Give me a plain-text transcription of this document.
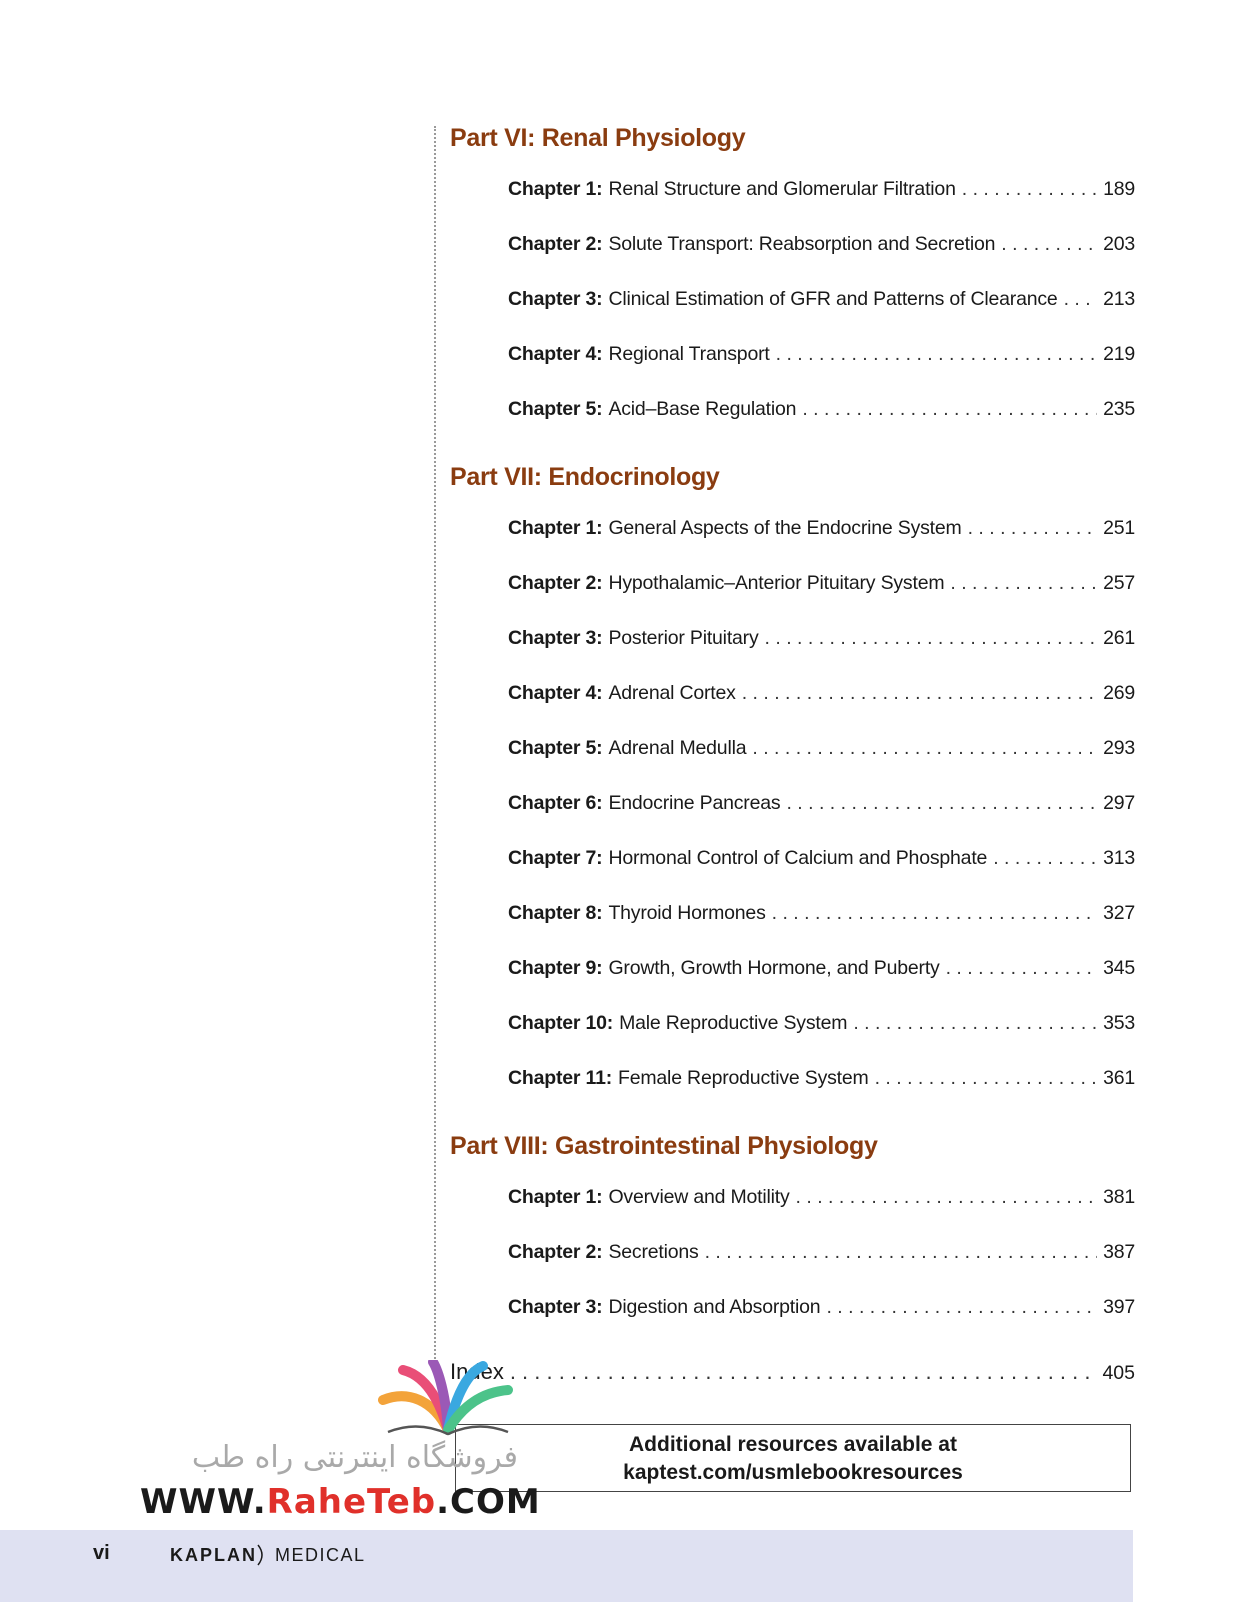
Part VI: Renal Physiology
Chapter 1: Renal Structure and Glomerular Filtration . . .	189
Chapter 2: Solute Transport: Reabsorption and Secretion . . .	203
Chapter 3: Clinical Estimation of GFR and Patterns of Clearance . . . 213
Chapter 4: Regional Transport . . .	219
Chapter 5: Acid–Base Regulation . . .	235
Part VII: Endocrinology
Chapter 1: General Aspects of the Endocrine System . . .	251
Chapter 2: Hypothalamic–Anterior Pituitary System . . .	257
Chapter 3: Posterior Pituitary . . .	261
Chapter 4: Adrenal Cortex . . .	269
Chapter 5: Adrenal Medulla . . .	293
Chapter 6: Endocrine Pancreas . . .	297
Chapter 7: Hormonal Control of Calcium and Phosphate . . .	313
Chapter 8: Thyroid Hormones . . .	327
Chapter 9: Growth, Growth Hormone, and Puberty . . .	345
Chapter 10: Male Reproductive System . . .	353
Chapter 11: Female Reproductive System . . .	361
Part VIII: Gastrointestinal Physiology
Chapter 1: Overview and Motility . . .	381
Chapter 2: Secretions . . .	387
Chapter 3: Digestion and Absorption . . .	397
Index . . .	405
Additional resources available at
kaptest.com/usmlebookresources
فروشگاه اینترنتی راه طب
WWW.RaheTeb.COM
vi	KAPLAN MEDICAL
